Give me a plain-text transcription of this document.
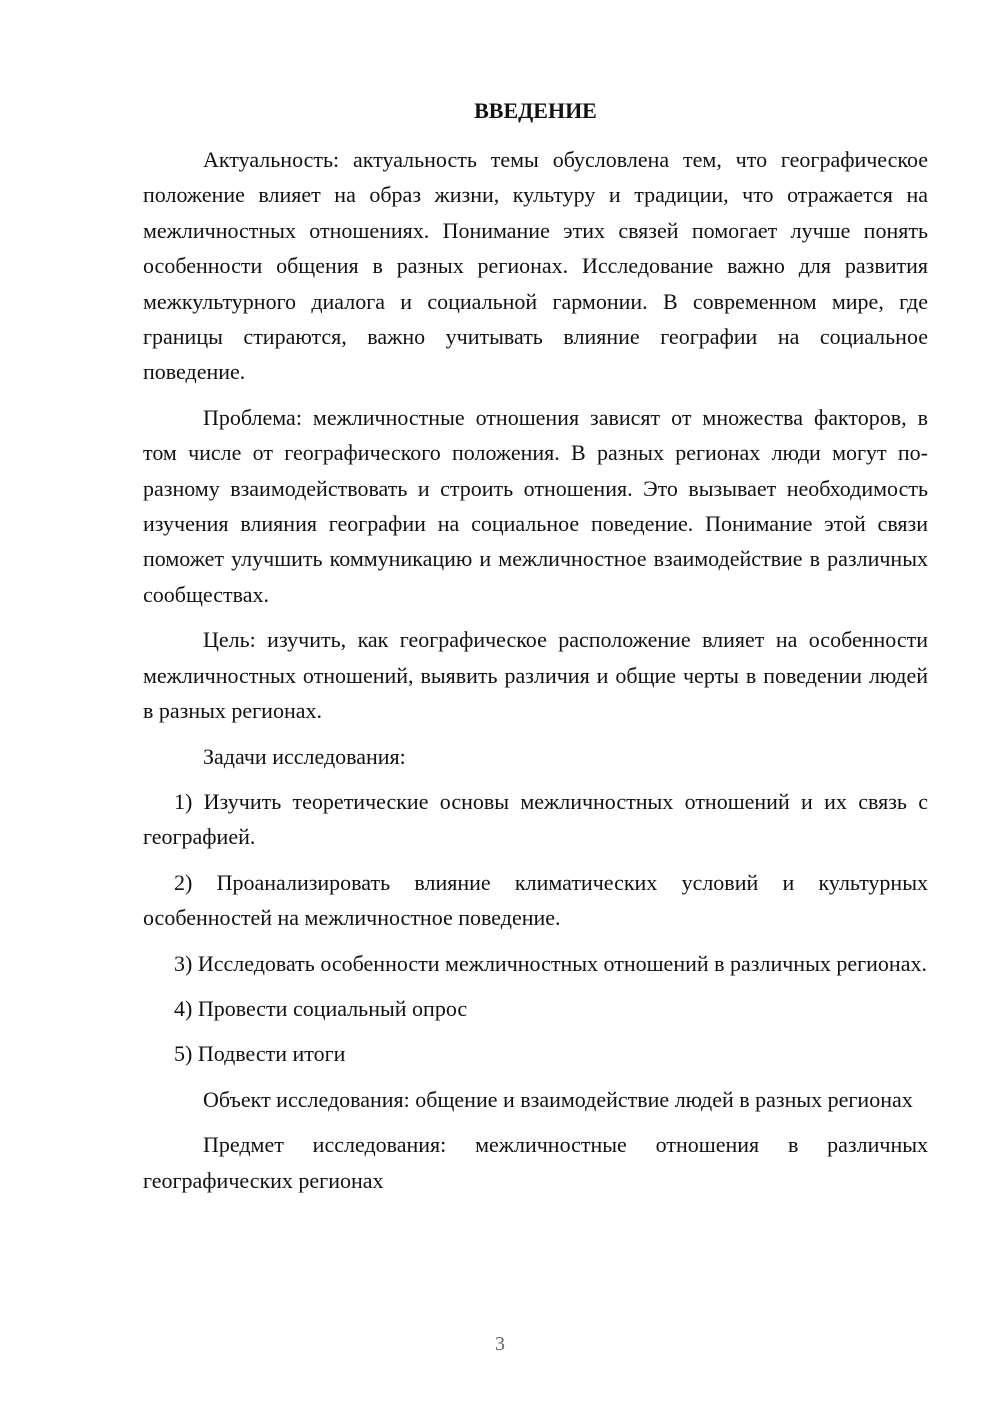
ВВЕДЕНИЕ

Актуальность: актуальность темы обусловлена тем, что географическое положение влияет на образ жизни, культуру и традиции, что отражается на межличностных отношениях. Понимание этих связей помогает лучше понять особенности общения в разных регионах. Исследование важно для развития межкультурного диалога и социальной гармонии. В современном мире, где границы стираются, важно учитывать влияние географии на социальное поведение.

Проблема: межличностные отношения зависят от множества факторов, в том числе от географического положения. В разных регионах люди могут по-разному взаимодействовать и строить отношения. Это вызывает необходимость изучения влияния географии на социальное поведение. Понимание этой связи поможет улучшить коммуникацию и межличностное взаимодействие в различных сообществах.

Цель: изучить, как географическое расположение влияет на особенности межличностных отношений, выявить различия и общие черты в поведении людей в разных регионах.

Задачи исследования:

1) Изучить теоретические основы межличностных отношений и их связь с географией.

2) Проанализировать влияние климатических условий и культурных особенностей на межличностное поведение.

3) Исследовать особенности межличностных отношений в различных регионах.

4) Провести социальный опрос

5) Подвести итоги

Объект исследования: общение и взаимодействие людей в разных регионах

Предмет исследования: межличностные отношения в различных географических регионах

3
